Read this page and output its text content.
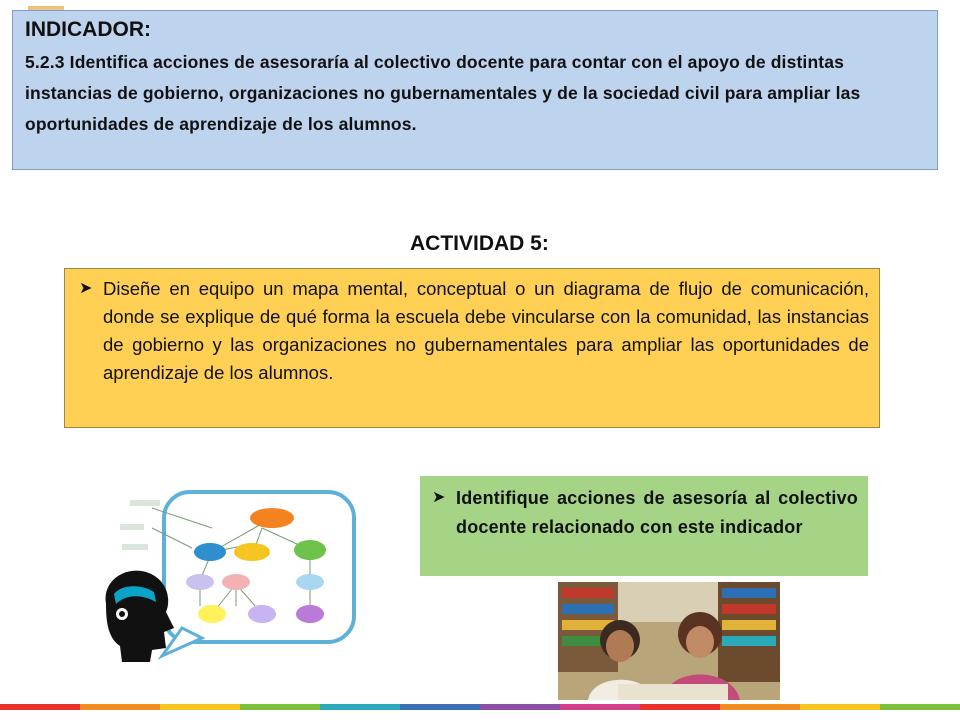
INDICADOR:

5.2.3 Identifica acciones de asesoraría al colectivo docente para contar con el apoyo de distintas instancias de gobierno, organizaciones no gubernamentales y de la sociedad civil para ampliar las oportunidades de aprendizaje de los alumnos.

ACTIVIDAD 5:

➤ Diseñe en equipo un mapa mental, conceptual o un diagrama de flujo de comunicación, donde se explique de qué forma la escuela debe vincularse con la comunidad, las instancias de gobierno y las organizaciones no gubernamentales para ampliar las oportunidades de aprendizaje de los alumnos.

➤ Identifique acciones de asesoría al colectivo docente relacionado con este indicador
